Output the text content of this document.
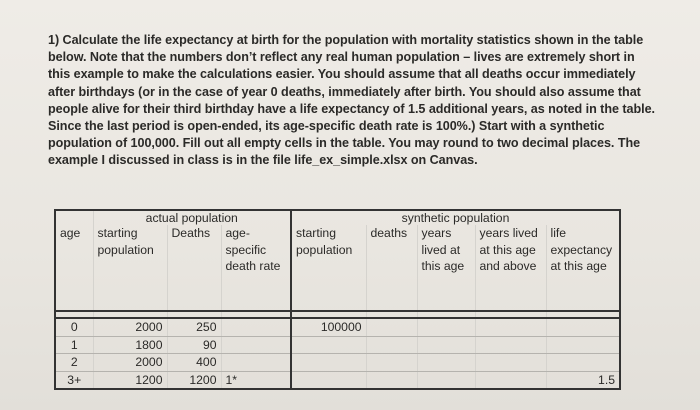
1) Calculate the life expectancy at birth for the population with mortality statistics shown in the table below. Note that the numbers don’t reflect any real human population – lives are extremely short in this example to make the calculations easier. You should assume that all deaths occur immediately after birthdays (or in the case of year 0 deaths, immediately after birth. You should also assume that people alive for their third birthday have a life expectancy of 1.5 additional years, as noted in the table. Since the last period is open-ended, its age-specific death rate is 100%.) Start with a synthetic population of 100,000. Fill out all empty cells in the table. You may round to two decimal places. The example I discussed in class is in the file life_ex_simple.xlsx on Canvas.
	actual population			synthetic population				
age	starting population	Deaths	age-specific death rate	starting population	deaths	years lived at this age	years lived at this age and above	life expectancy at this age

0	2000	250		100000				
1	1800	90						
2	2000	400						
3+	1200	1200	1*					1.5
